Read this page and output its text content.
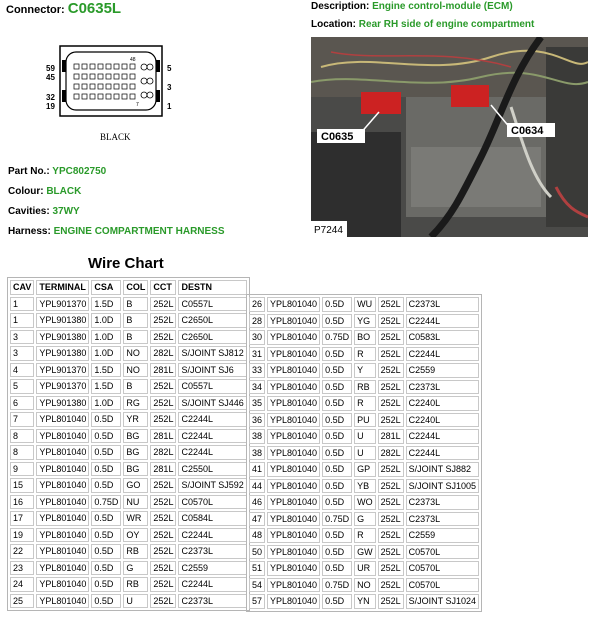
Connector: C0635L	Description: Engine control-module (ECM)
Location: Rear RH side of engine compartment
59
45
32
19
5
3
1
48
7
BLACK	C0635	C0634
P7244
Part No.: YPC802750
Colour: BLACK
Cavities: 37WY
Harness: ENGINE COMPARTMENT HARNESS
Wire Chart
CAV	TERMINAL	CSA	COL	CCT	DESTN
1	YPL901370	1.5D	B	252L	C0557L
1	YPL901380	1.0D	B	252L	C2650L
3	YPL901380	1.0D	B	252L	C2650L
3	YPL901380	1.0D	NO	282L	S/JOINT SJ812
4	YPL901370	1.5D	NO	281L	S/JOINT SJ6
5	YPL901370	1.5D	B	252L	C0557L
6	YPL901380	1.0D	RG	252L	S/JOINT SJ446
7	YPL801040	0.5D	YR	252L	C2244L
8	YPL801040	0.5D	BG	281L	C2244L
8	YPL801040	0.5D	BG	282L	C2244L
9	YPL801040	0.5D	BG	281L	C2550L
15	YPL801040	0.5D	GO	252L	S/JOINT SJ592
16	YPL801040	0.75D	NU	252L	C0570L
17	YPL801040	0.5D	WR	252L	C0584L
19	YPL801040	0.5D	OY	252L	C2244L
22	YPL801040	0.5D	RB	252L	C2373L
23	YPL801040	0.5D	G	252L	C2559
24	YPL801040	0.5D	RB	252L	C2244L
25	YPL801040	0.5D	U	252L	C2373L
26	YPL801040	0.5D	WU	252L	C2373L
28	YPL801040	0.5D	YG	252L	C2244L
30	YPL801040	0.75D	BO	252L	C0583L
31	YPL801040	0.5D	R	252L	C2244L
33	YPL801040	0.5D	Y	252L	C2559
34	YPL801040	0.5D	RB	252L	C2373L
35	YPL801040	0.5D	R	252L	C2240L
36	YPL801040	0.5D	PU	252L	C2240L
38	YPL801040	0.5D	U	281L	C2244L
38	YPL801040	0.5D	U	282L	C2244L
41	YPL801040	0.5D	GP	252L	S/JOINT SJ882
44	YPL801040	0.5D	YB	252L	S/JOINT SJ1005
46	YPL801040	0.5D	WO	252L	C2373L
47	YPL801040	0.75D	G	252L	C2373L
48	YPL801040	0.5D	R	252L	C2559
50	YPL801040	0.5D	GW	252L	C0570L
51	YPL801040	0.5D	UR	252L	C0570L
54	YPL801040	0.75D	NO	252L	C0570L
57	YPL801040	0.5D	YN	252L	S/JOINT SJ1024
